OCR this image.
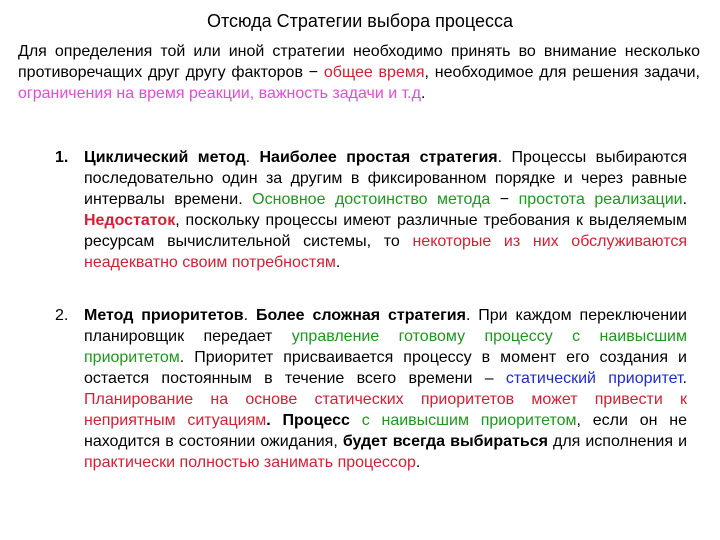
Отсюда Стратегии выбора процесса

Для определения той или иной стратегии необходимо принять во внимание несколько противоречащих друг другу факторов − общее время, необходимое для решения задачи, ограничения на время реакции, важность задачи и т.д.

1. Циклический метод. Наиболее простая стратегия. Процессы выбираются последовательно один за другим в фиксированном порядке и через равные интервалы времени. Основное достоинство метода − простота реализации. Недостаток, поскольку процессы имеют различные требования к выделяемым ресурсам вычислительной системы, то некоторые из них обслуживаются неадекватно своим потребностям.

2. Метод приоритетов. Более сложная стратегия. При каждом переключении планировщик передает управление готовому процессу с наивысшим приоритетом. Приоритет присваивается процессу в момент его создания и остается постоянным в течение всего времени – статический приоритет. Планирование на основе статических приоритетов может привести к неприятным ситуациям. Процесс с наивысшим приоритетом, если он не находится в состоянии ожидания, будет всегда выбираться для исполнения и практически полностью занимать процессор.
